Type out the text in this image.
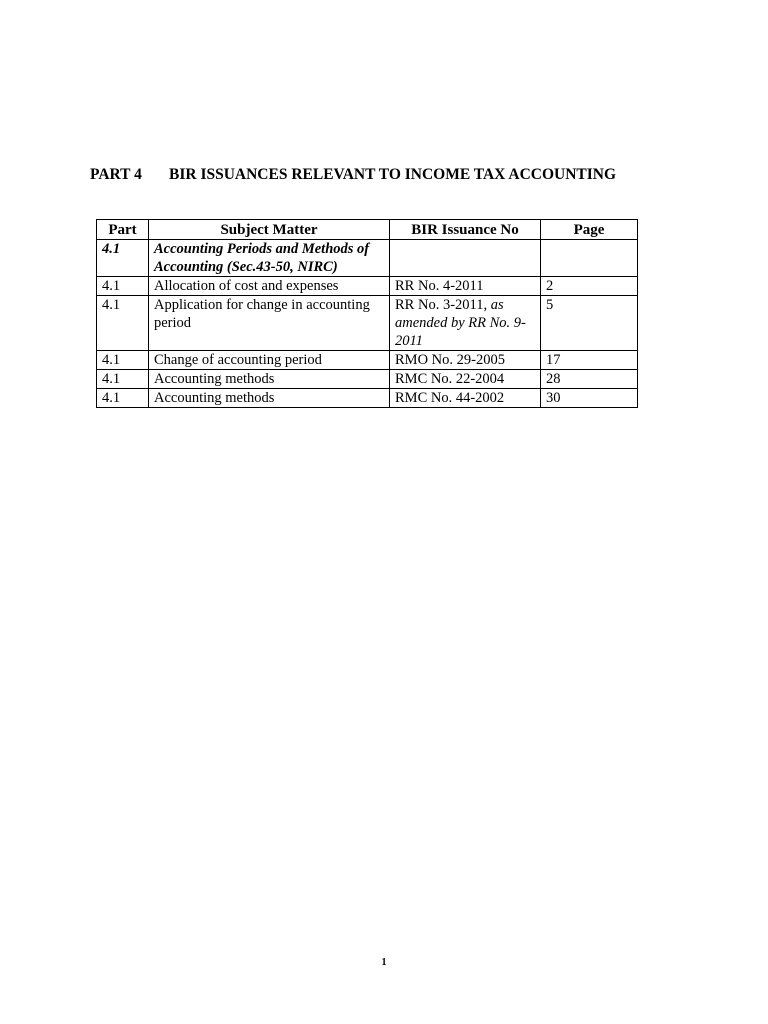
PART 4 BIR ISSUANCES RELEVANT TO INCOME TAX ACCOUNTING
Part	Subject Matter	BIR Issuance No	Page
4.1	Accounting Periods and Methods of Accounting (Sec.43-50, NIRC)		
4.1	Allocation of cost and expenses	RR No. 4-2011	2
4.1	Application for change in accounting period	RR No. 3-2011, as amended by RR No. 9-2011	5
4.1	Change of accounting period	RMO No. 29-2005	17
4.1	Accounting methods	RMC No. 22-2004	28
4.1	Accounting methods	RMC No. 44-2002	30
1
